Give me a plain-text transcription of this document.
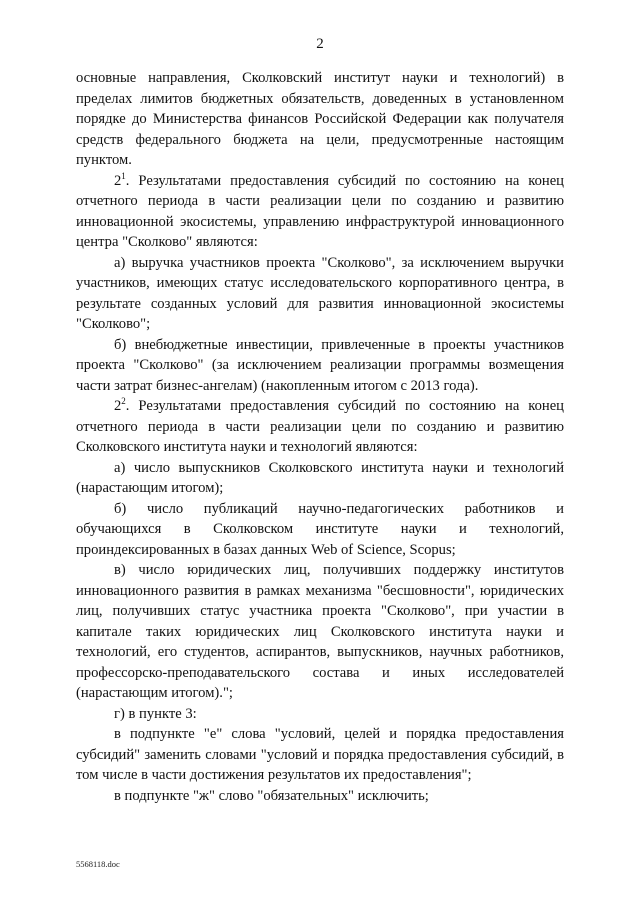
2

основные направления, Сколковский институт науки и технологий) в пределах лимитов бюджетных обязательств, доведенных в установленном порядке до Министерства финансов Российской Федерации как получателя средств федерального бюджета на цели, предусмотренные настоящим пунктом.

$2^1$. Результатами предоставления субсидий по состоянию на конец отчетного периода в части реализации цели по созданию и развитию инновационной экосистемы, управлению инфраструктурой инновационного центра "Сколково" являются:

а) выручка участников проекта "Сколково", за исключением выручки участников, имеющих статус исследовательского корпоративного центра, в результате созданных условий для развития инновационной экосистемы "Сколково";

б) внебюджетные инвестиции, привлеченные в проекты участников проекта "Сколково" (за исключением реализации программы возмещения части затрат бизнес-ангелам) (накопленным итогом с 2013 года).

$2^2$. Результатами предоставления субсидий по состоянию на конец отчетного периода в части реализации цели по созданию и развитию Сколковского института науки и технологий являются:

а) число выпускников Сколковского института науки и технологий (нарастающим итогом);

б) число публикаций научно-педагогических работников и обучающихся в Сколковском институте науки и технологий, проиндексированных в базах данных Web of Science, Scopus;

в) число юридических лиц, получивших поддержку институтов инновационного развития в рамках механизма "бесшовности", юридических лиц, получивших статус участника проекта "Сколково", при участии в капитале таких юридических лиц Сколковского института науки и технологий, его студентов, аспирантов, выпускников, научных работников, профессорско-преподавательского состава и иных исследователей (нарастающим итогом).";

г) в пункте 3:

в подпункте "е" слова "условий, целей и порядка предоставления субсидий" заменить словами "условий и порядка предоставления субсидий, в том числе в части достижения результатов их предоставления";

в подпункте "ж" слово "обязательных" исключить;

5568118.doc
